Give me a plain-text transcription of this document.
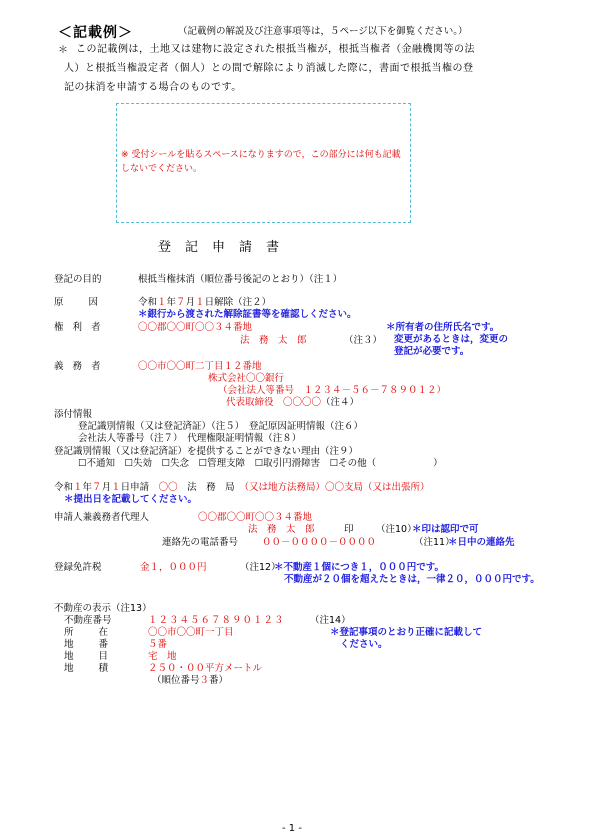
＜記載例＞	（記載例の解説及び注意事項等は，５ページ以下を御覧ください。）
＊ この記載例は，土地又は建物に設定された根抵当権が，根抵当権者（金融機関等の法
人）と根抵当権設定者（個人）との間で解除により消滅した際に，書面で根抵当権の登
記の抹消を申請する場合のものです。
※ 受付シールを貼るスペースになりますので，この部分には何も記載
しないでください。
登記申請書
登記の目的	根抵当権抹消（順位番号後記のとおり）（注１）
原　　因	令和１年７月１日解除（注２）
＊銀行から渡された解除証書等を確認しください。
権 利 者	〇〇郡〇〇町〇〇３４番地
法　務　太　郎	（注３）
＊所有者の住所氏名です。
変更があるときは，変更の
登記が必要です。
義 務 者	〇〇市〇〇町二丁目１２番地
株式会社〇〇銀行
（会社法人等番号　 １２３４－５６－７８９０１２）
代表取締役　 〇〇〇〇（注４）
添付情報
登記識別情報（又は登記済証）（注５）　登記原因証明情報（注６）
会社法人等番号（注７）　代理権限証明情報（注８）
登記識別情報（又は登記済証）を提供することができない理由（注９）
☐不通知　☐失効　☐失念　☐管理支障　☐取引円滑障害　☐その他（　　　　　　）
令和１年７月１日申請　 〇〇　 法　務　局　 （又は地方法務局）〇〇支局（又は出張所）
＊提出日を記載してください。
申請人兼義務者代理人	〇〇郡〇〇町〇〇３４番地
法　務　太　郎	印 （注10）
＊印は認印で可
連絡先の電話番号	００－００００－００００	（注11）
＊日中の連絡先
登録免許税	金１，０００円	（注12）
＊不動産１個につき１，０００円です。
不動産が２０個を超えたときは，一律２０，０００円です。
不動産の表示（注13）
不動産番号	１２３４５６７８９０１２３	（注14）
所　　在	〇〇市〇〇町一丁目
地　　番	５番
地　　目	宅　地
地　　積	２５０・００平方メートル
（順位番号３番）
＊登記事項のとおり正確に記載して
ください。
- 1 -
